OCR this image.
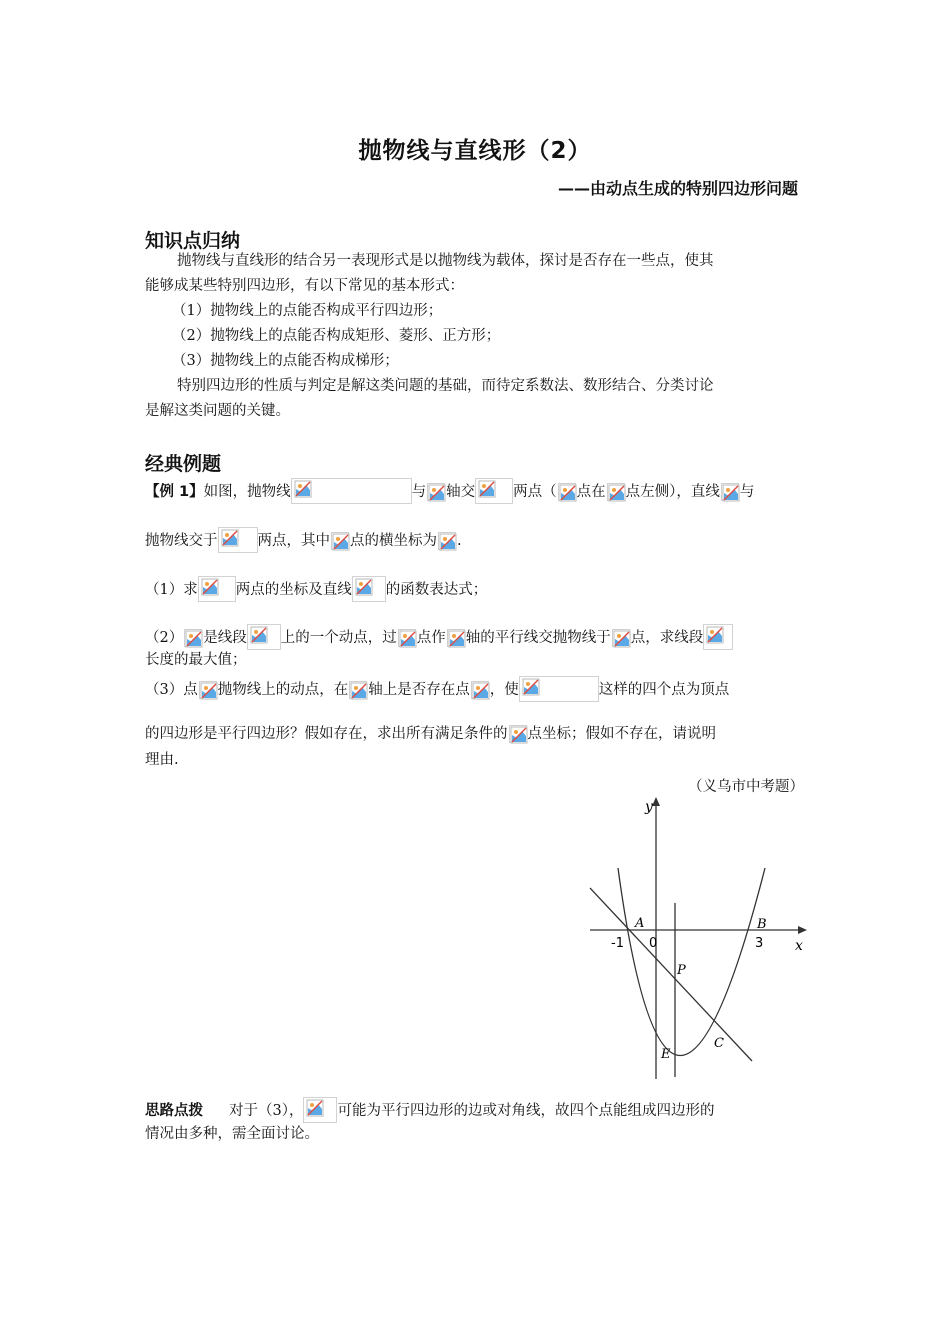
抛物线与直线形（2）
——由动点生成的特别四边形问题
知识点归纳
抛物线与直线形的结合另一表现形式是以抛物线为载体，探讨是否存在一些点，使其
能够成某些特别四边形，有以下常见的基本形式：
（1）抛物线上的点能否构成平行四边形；
（2）抛物线上的点能否构成矩形、菱形、正方形；
（3）抛物线上的点能否构成梯形；
特别四边形的性质与判定是解这类问题的基础，而待定系数法、数形结合、分类讨论
是解这类问题的关键。
经典例题
【例 1】如图，抛物线	与 轴交	两点（ 点在 点左侧），直线 与
抛物线交于	两点，其中 点的横坐标为 .
（1）求	两点的坐标及直线 的函数表达式；
（2） 是线段 上的一个动点，过 点作 轴的平行线交抛物线于 点，求线段
长度的最大值；
（3）点 抛物线上的动点，在 轴上是否存在点 ，使	这样的四个点为顶点
的四边形是平行四边形？假如存在，求出所有满足条件的 点坐标；假如不存在，请说明
理由.
（义乌市中考题）
y
x
A	B
C
P
E
-1 0	3
思路点拨 对于（3）， 可能为平行四边形的边或对角线，故四个点能组成四边形的
情况由多种，需全面讨论。
